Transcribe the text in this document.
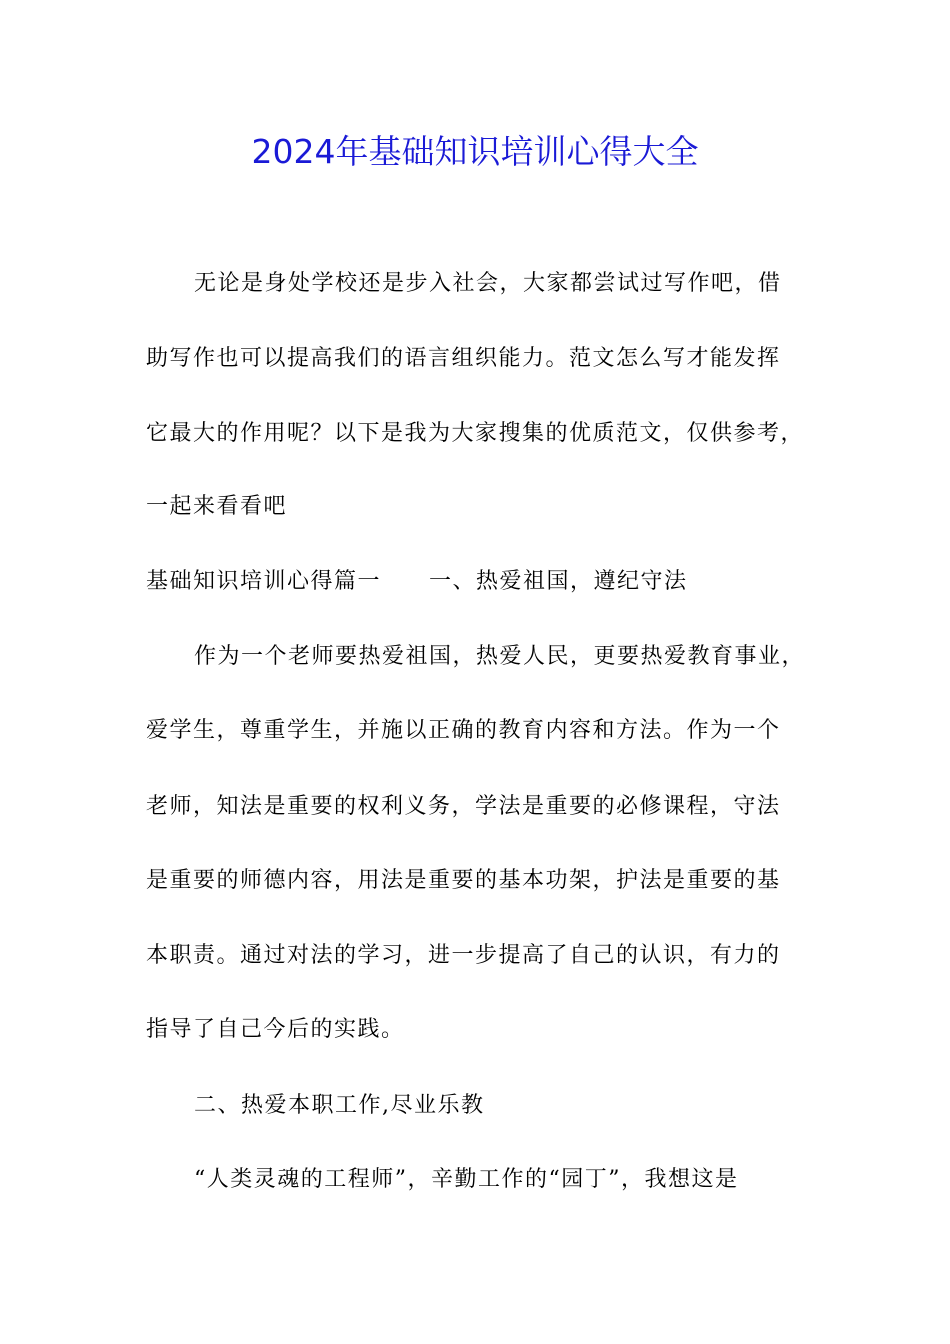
2024年基础知识培训心得大全

无论是身处学校还是步入社会，大家都尝试过写作吧，借

助写作也可以提高我们的语言组织能力。范文怎么写才能发挥

它最大的作用呢？以下是我为大家搜集的优质范文，仅供参考，

一起来看看吧

基础知识培训心得篇一 一、热爱祖国，遵纪守法

作为一个老师要热爱祖国，热爱人民，更要热爱教育事业，

爱学生，尊重学生，并施以正确的教育内容和方法。作为一个

老师，知法是重要的权利义务，学法是重要的必修课程，守法

是重要的师德内容，用法是重要的基本功架，护法是重要的基

本职责。通过对法的学习，进一步提高了自己的认识，有力的

指导了自己今后的实践。

二、热爱本职工作,尽业乐教

“人类灵魂的工程师”，辛勤工作的“园丁”，我想这是
